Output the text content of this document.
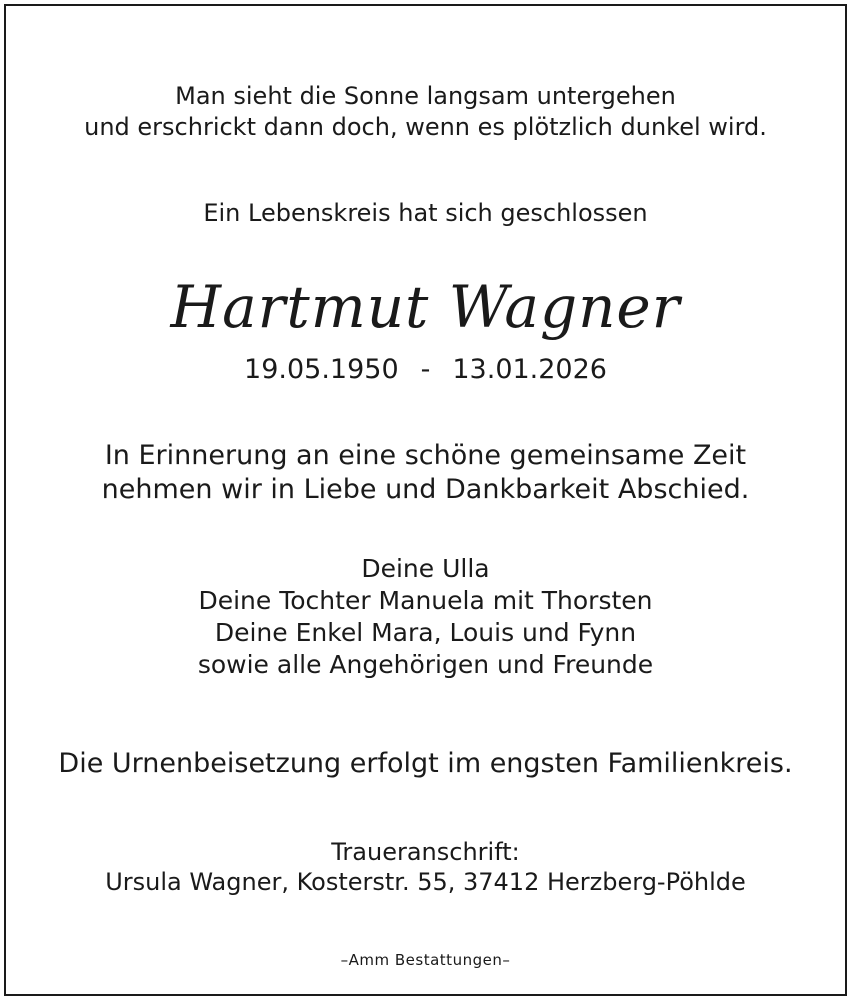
Man sieht die Sonne langsam untergehen
und erschrickt dann doch, wenn es plötzlich dunkel wird.
Ein Lebenskreis hat sich geschlossen
Hartmut Wagner
19.05.1950 - 13.01.2026
In Erinnerung an eine schöne gemeinsame Zeit
nehmen wir in Liebe und Dankbarkeit Abschied.
Deine Ulla
Deine Tochter Manuela mit Thorsten
Deine Enkel Mara, Louis und Fynn
sowie alle Angehörigen und Freunde
Die Urnenbeisetzung erfolgt im engsten Familienkreis.
Traueranschrift:
Ursula Wagner, Kosterstr. 55, 37412 Herzberg-Pöhlde
–Amm Bestattungen–
